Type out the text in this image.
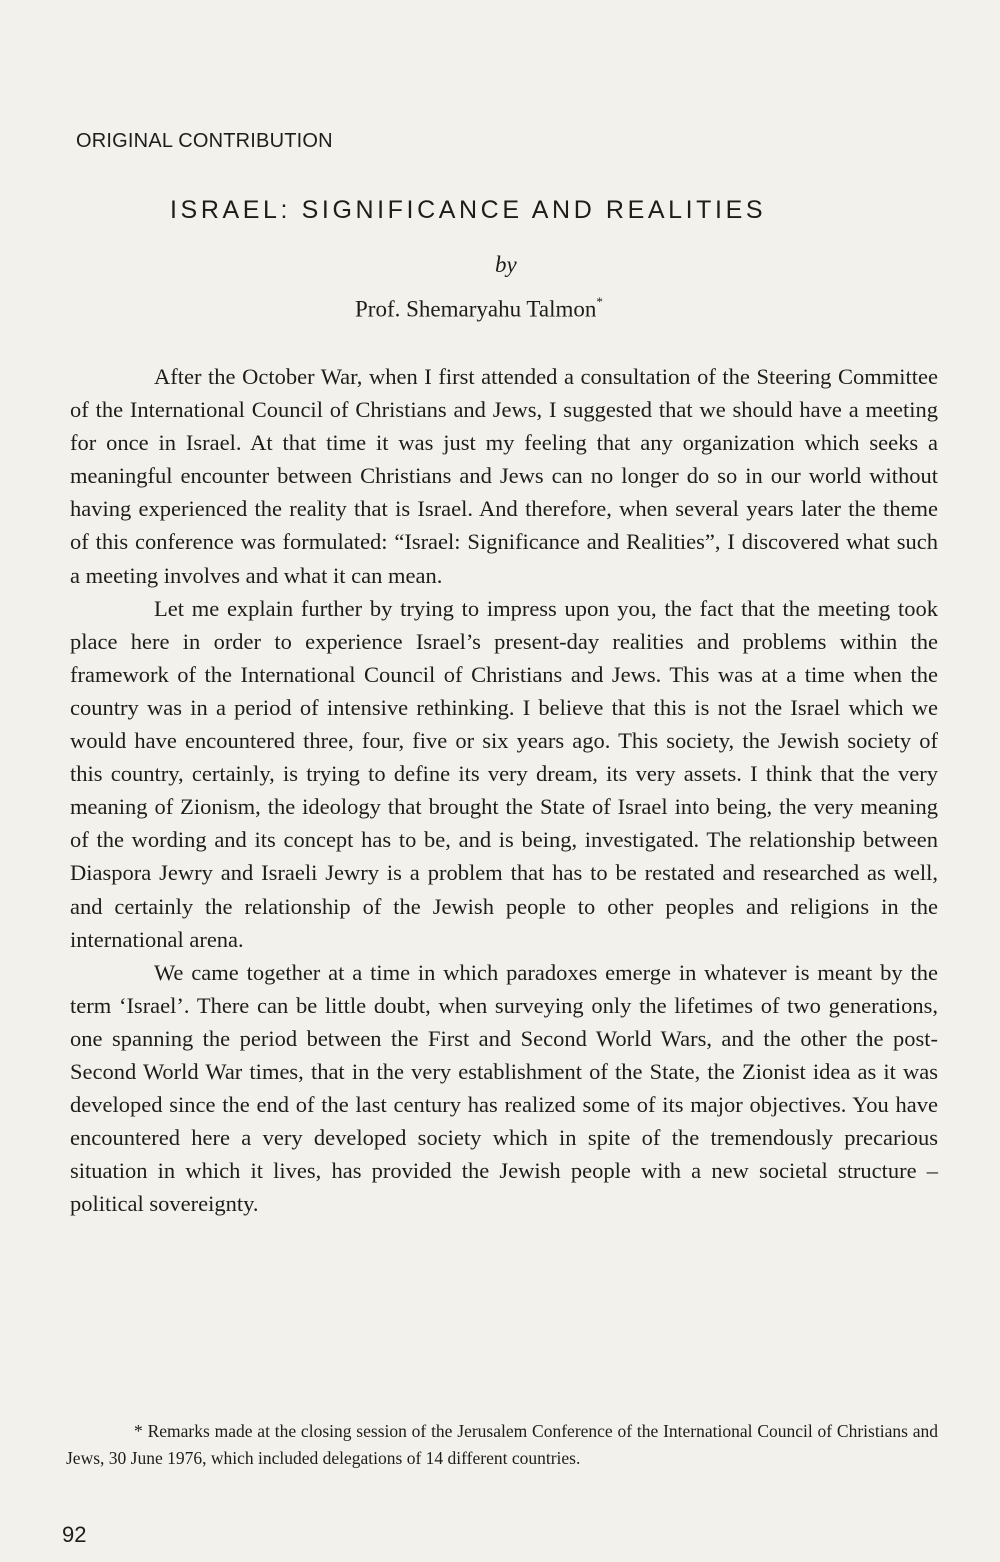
ORIGINAL CONTRIBUTION
ISRAEL: SIGNIFICANCE AND REALITIES
by
Prof. Shemaryahu Talmon*

After the October War, when I first attended a consultation of the Steering Committee of the International Council of Christians and Jews, I suggested that we should have a meeting for once in Israel. At that time it was just my feeling that any organization which seeks a meaningful encounter between Christians and Jews can no longer do so in our world without having experienced the reality that is Israel. And therefore, when several years later the theme of this conference was formulated: “Israel: Significance and Realities”, I discovered what such a meeting involves and what it can mean.

Let me explain further by trying to impress upon you, the fact that the meeting took place here in order to experience Israel’s present-day realities and problems within the framework of the International Council of Christians and Jews. This was at a time when the country was in a period of intensive rethinking. I believe that this is not the Israel which we would have encountered three, four, five or six years ago. This society, the Jewish society of this country, certainly, is trying to define its very dream, its very assets. I think that the very meaning of Zionism, the ideology that brought the State of Israel into being, the very meaning of the wording and its concept has to be, and is being, investigated. The relationship between Diaspora Jewry and Israeli Jewry is a problem that has to be restated and researched as well, and certainly the relationship of the Jewish people to other peoples and religions in the international arena.

We came together at a time in which paradoxes emerge in whatever is meant by the term ‘Israel’. There can be little doubt, when surveying only the lifetimes of two generations, one spanning the period between the First and Second World Wars, and the other the post-Second World War times, that in the very establishment of the State, the Zionist idea as it was developed since the end of the last century has realized some of its major objectives. You have encountered here a very developed society which in spite of the tremendously precarious situation in which it lives, has provided the Jewish people with a new societal structure – political sovereignty.

* Remarks made at the closing session of the Jerusalem Conference of the International Council of Christians and Jews, 30 June 1976, which included delegations of 14 different countries.
92
